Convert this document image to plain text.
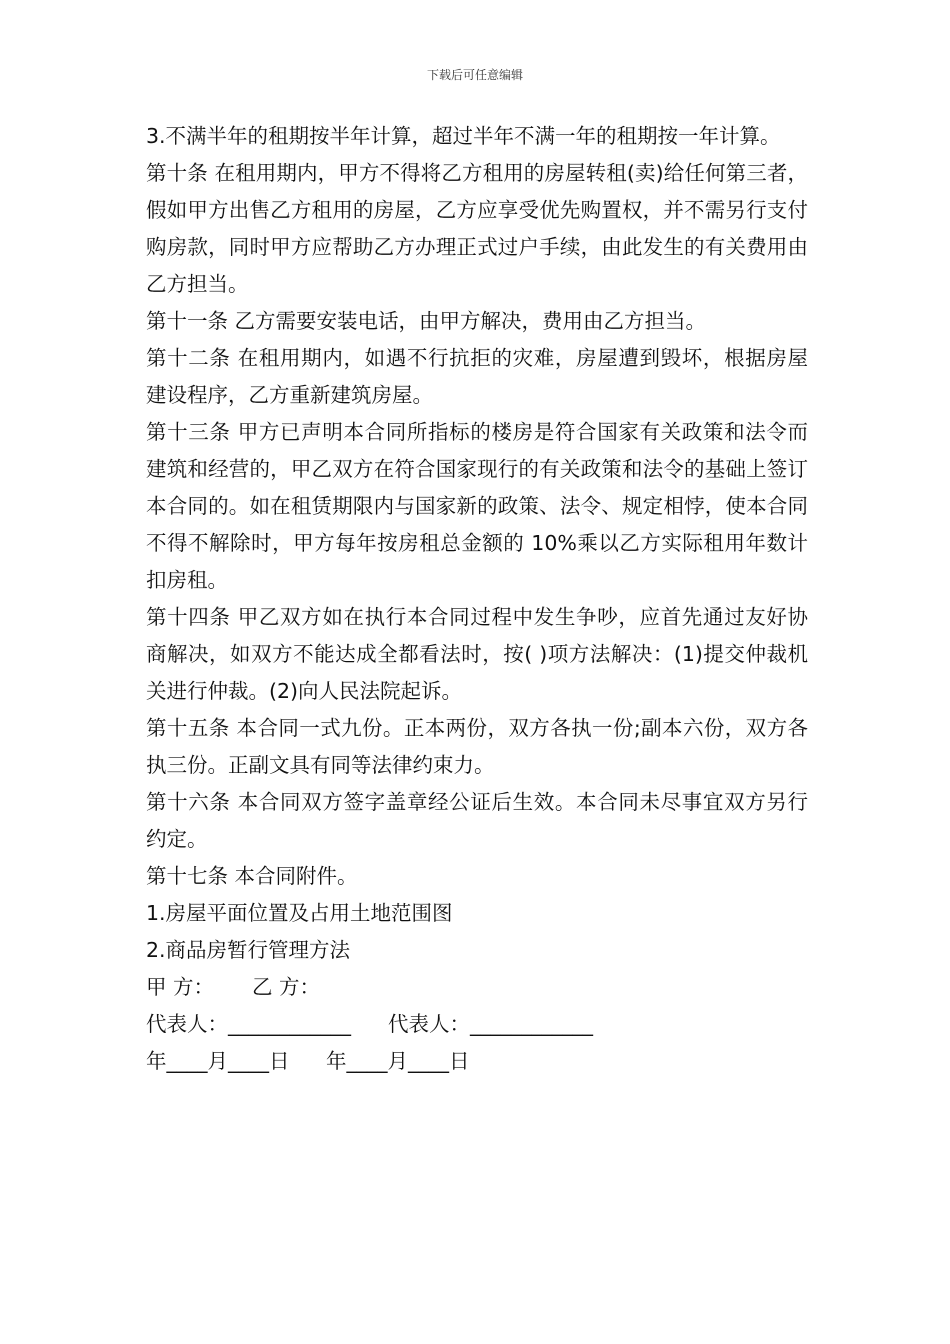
下载后可任意编辑

3.不满半年的租期按半年计算，超过半年不满一年的租期按一年计算。

第十条 在租用期内，甲方不得将乙方租用的房屋转租(卖)给任何第三者，假如甲方出售乙方租用的房屋，乙方应享受优先购置权，并不需另行支付购房款，同时甲方应帮助乙方办理正式过户手续，由此发生的有关费用由乙方担当。

第十一条 乙方需要安装电话，由甲方解决，费用由乙方担当。

第十二条 在租用期内，如遇不行抗拒的灾难，房屋遭到毁坏，根据房屋建设程序，乙方重新建筑房屋。

第十三条 甲方已声明本合同所指标的楼房是符合国家有关政策和法令而建筑和经营的，甲乙双方在符合国家现行的有关政策和法令的基础上签订本合同的。如在租赁期限内与国家新的政策、法令、规定相悖，使本合同不得不解除时，甲方每年按房租总金额的 10%乘以乙方实际租用年数计扣房租。

第十四条 甲乙双方如在执行本合同过程中发生争吵，应首先通过友好协商解决，如双方不能达成全都看法时，按( )项方法解决：(1)提交仲裁机关进行仲裁。(2)向人民法院起诉。

第十五条 本合同一式九份。正本两份，双方各执一份;副本六份，双方各执三份。正副文具有同等法律约束力。

第十六条 本合同双方签字盖章经公证后生效。本合同未尽事宜双方另行约定。

第十七条 本合同附件。

1.房屋平面位置及占用土地范围图

2.商品房暂行管理方法

甲 方：	乙 方：
代表人：____________	代表人：____________
年____月____日	年____月____日
